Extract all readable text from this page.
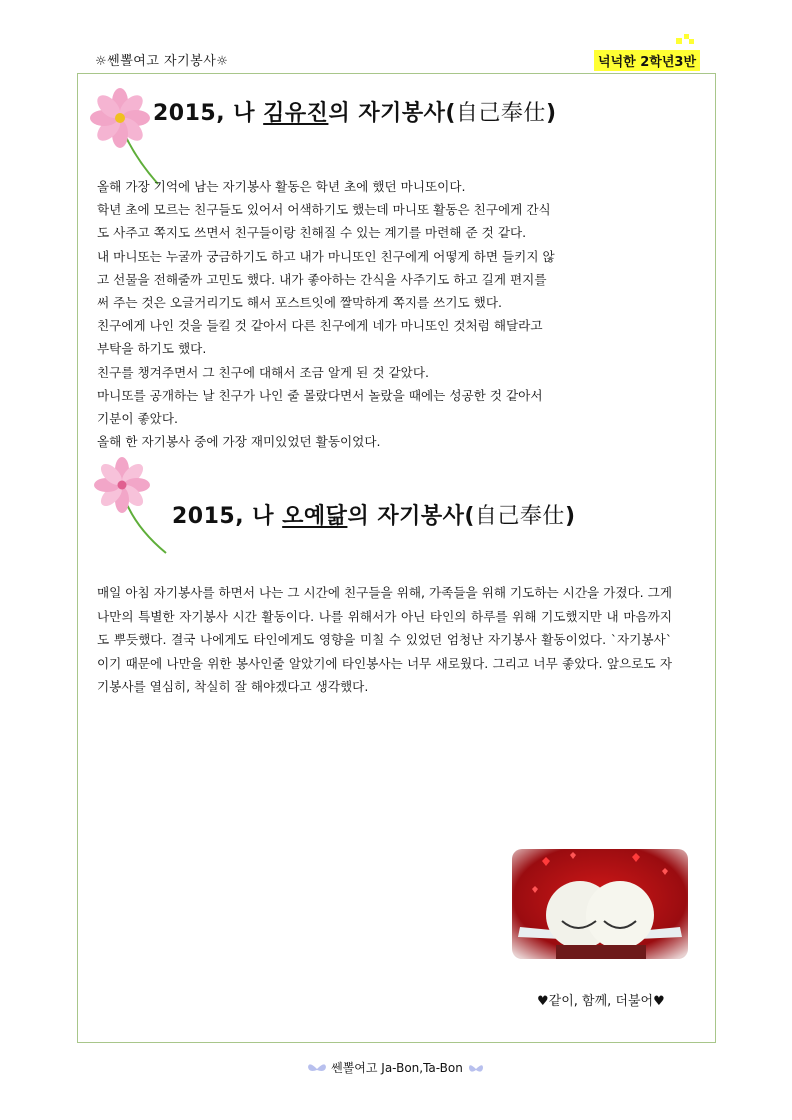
☼쎈뽈여고 자기봉사☼	넉넉한 2학년3반
2015, 나 김유진의 자기봉사(自己奉仕)
올해 가장 기억에 남는 자기봉사 활동은 학년 초에 했던 마니또이다.
학년 초에 모르는 친구들도 있어서 어색하기도 했는데 마니또 활동은 친구에게 간식
도 사주고 쪽지도 쓰면서 친구들이랑 친해질 수 있는 계기를 마련해 준 것 같다.
내 마니또는 누굴까 궁금하기도 하고 내가 마니또인 친구에게 어떻게 하면 들키지 않
고 선물을 전해줄까 고민도 했다. 내가 좋아하는 간식을 사주기도 하고 길게 편지를
써 주는 것은 오글거리기도 해서 포스트잇에 짤막하게 쪽지를 쓰기도 했다.
친구에게 나인 것을 들킬 것 같아서 다른 친구에게 네가 마니또인 것처럼 해달라고
부탁을 하기도 했다.
친구를 챙겨주면서 그 친구에 대해서 조금 알게 된 것 같았다.
마니또를 공개하는 날 친구가 나인 줄 몰랐다면서 놀랐을 때에는 성공한 것 같아서
기분이 좋았다.
올해 한 자기봉사 중에 가장 재미있었던 활동이었다.
2015, 나 오예닮의 자기봉사(自己奉仕)
매일 아침 자기봉사를 하면서 나는 그 시간에 친구들을 위해, 가족들을 위해 기도하는 시간을 가졌다. 그게 나만의 특별한 자기봉사 시간 활동이다. 나를 위해서가 아닌 타인의 하루를 위해 기도했지만 내 마음까지도 뿌듯했다. 결국 나에게도 타인에게도 영향을 미칠 수 있었던 엄청난 자기봉사 활동이었다. `자기봉사` 이기 때문에 나만을 위한 봉사인줄 알았기에 타인봉사는 너무 새로웠다. 그리고 너무 좋았다. 앞으로도 자기봉사를 열심히, 착실히 잘 해야겠다고 생각했다.
♥같이, 함께, 더불어♥
쎈뽈여고 Ja-Bon,Ta-Bon
